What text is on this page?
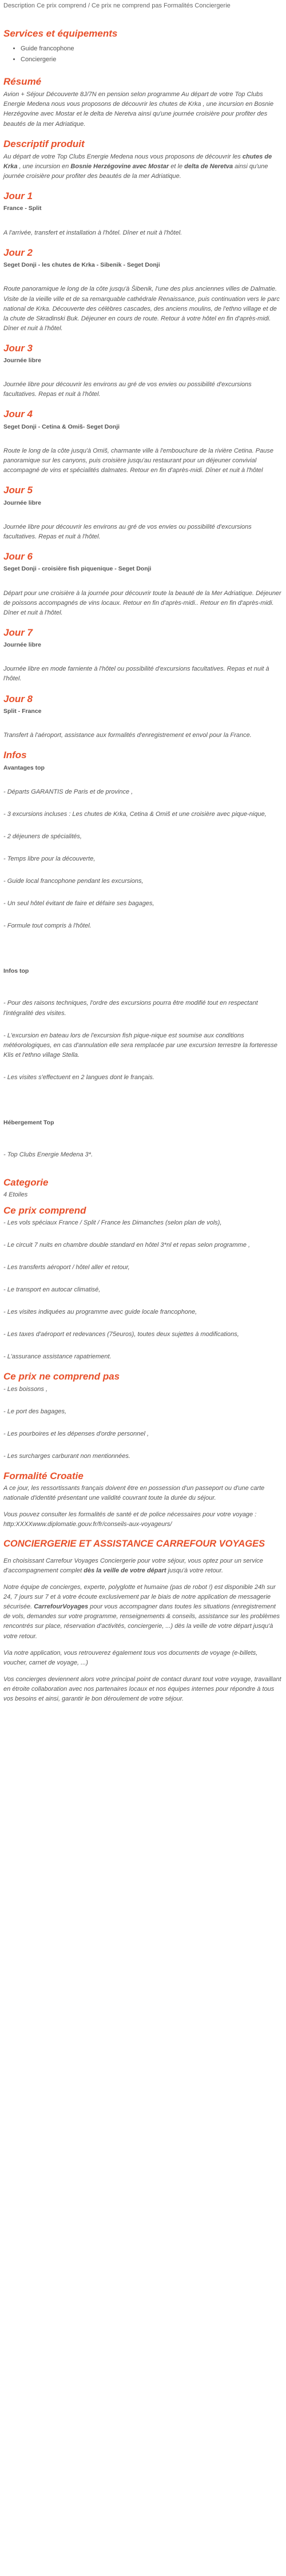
Description Ce prix comprend / Ce prix ne comprend pas Formalités Conciergerie
Services et équipements
• Guide francophone
• Conciergerie
Résumé

Avion + Séjour Découverte 8J/7N en pension selon programme Au départ de votre Top Clubs Energie Medena nous vous proposons de découvrir les chutes de Krka , une incursion en Bosnie Herzégovine avec Mostar et le delta de Neretva ainsi qu'une journée croisière pour profiter des beautés de la mer Adriatique.

Descriptif produit

Au départ de votre Top Clubs Energie Medena nous vous proposons de découvrir les chutes de Krka , une incursion en Bosnie Herzégovine avec Mostar et le delta de Neretva ainsi qu'une journée croisière pour profiter des beautés de la mer Adriatique.

Jour 1
France - Split

A l'arrivée, transfert et installation à l'hôtel. Dîner et nuit à l'hôtel.

Jour 2
Seget Donji - les chutes de Krka - Sibenik - Seget Donji

Route panoramique le long de la côte jusqu'à Šibenik, l'une des plus anciennes villes de Dalmatie. Visite de la vieille ville et de sa remarquable cathédrale Renaissance, puis continuation vers le parc national de Krka. Découverte des célèbres cascades, des anciens moulins, de l'ethno village et de la chute de Skradinski Buk. Déjeuner en cours de route. Retour à votre hôtel en fin d'après-midi. Dîner et nuit à l'hôtel.

Jour 3
Journée libre

Journée libre pour découvrir les environs au gré de vos envies ou possibilité d'excursions facultatives. Repas et nuit à l'hôtel.

Jour 4
Seget Donji - Cetina & Omiš- Seget Donji

Route le long de la côte jusqu'à Omiš, charmante ville à l'embouchure de la rivière Cetina. Pause panoramique sur les canyons, puis croisière jusqu'au restaurant pour un déjeuner convivial accompagné de vins et spécialités dalmates. Retour en fin d'après-midi. Dîner et nuit à l'hôtel

Jour 5
Journée libre

Journée libre pour découvrir les environs au gré de vos envies ou possibilité d'excursions facultatives. Repas et nuit à l'hôtel.

Jour 6
Seget Donji - croisière fish piquenique - Seget Donji

Départ pour une croisière à la journée pour découvrir toute la beauté de la Mer Adriatique. Déjeuner de poissons accompagnés de vins locaux. Retour en fin d'après-midi.. Retour en fin d'après-midi. Dîner et nuit à l'hôtel.

Jour 7
Journée libre

Journée libre en mode farniente à l'hôtel ou possibilité d'excursions facultatives. Repas et nuit à l'hôtel.

Jour 8
Split - France

Transfert à l'aéroport, assistance aux formalités d'enregistrement et envol pour la France.

Infos
Avantages top

- Départs GARANTIS de Paris et de province ,

- 3 excursions incluses : Les chutes de Krka, Cetina & Omiš et une croisière avec pique-nique,

- 2 déjeuners de spécialités,

- Temps libre pour la découverte,

- Guide local francophone pendant les excursions,

- Un seul hôtel évitant de faire et défaire ses bagages,

- Formule tout compris à l'hôtel.

Infos top

- Pour des raisons techniques, l'ordre des excursions pourra être modifié tout en respectant l'intégralité des visites.

- L'excursion en bateau lors de l'excursion fish pique-nique est soumise aux conditions météorologiques, en cas d'annulation elle sera remplacée par une excursion terrestre la forteresse Klis et l'ethno village Stella.

- Les visites s'effectuent en 2 langues dont le français.

Hébergement Top

- Top Clubs Energie Medena 3*.

Categorie

4 Etoiles

Ce prix comprend

- Les vols spéciaux France / Split / France les Dimanches (selon plan de vols),

- Le circuit 7 nuits en chambre double standard en hôtel 3*nl et repas selon programme ,

- Les transferts aéroport / hôtel aller et retour,

- Le transport en autocar climatisé,

- Les visites indiquées au programme avec guide locale francophone,

- Les taxes d'aéroport et redevances (75euros), toutes deux sujettes à modifications,

- L'assurance assistance rapatriement.

Ce prix ne comprend pas

- Les boissons ,

- Le port des bagages,

- Les pourboires et les dépenses d'ordre personnel ,

- Les surcharges carburant non mentionnées.

Formalité Croatie

A ce jour, les ressortissants français doivent être en possession d'un passeport ou d'une carte nationale d'identité présentant une validité couvrant toute la durée du séjour.

Vous pouvez consulter les formalités de santé et de police nécessaires pour votre voyage : http:XXXXwww.diplomatie.gouv.fr/fr/conseils-aux-voyageurs/

CONCIERGERIE ET ASSISTANCE CARREFOUR VOYAGES

En choisissant Carrefour Voyages Conciergerie pour votre séjour, vous optez pour un service d'accompagnement complet dès la veille de votre départ jusqu'à votre retour.

Notre équipe de concierges, experte, polyglotte et humaine (pas de robot !) est disponible 24h sur 24, 7 jours sur 7 et à votre écoute exclusivement par le biais de notre application de messagerie sécurisée. CarrefourVoyages pour vous accompagner dans toutes les situations (enregistrement de vols, demandes sur votre programme, renseignements & conseils, assistance sur les problèmes rencontrés sur place, réservation d'activités, conciergerie, ...) dès la veille de votre départ jusqu'à votre retour.

Via notre application, vous retrouverez également tous vos documents de voyage (e-billets, voucher, carnet de voyage, ...)

Vos concierges deviennent alors votre principal point de contact durant tout votre voyage, travaillant en étroite collaboration avec nos partenaires locaux et nos équipes internes pour répondre à tous vos besoins et ainsi, garantir le bon déroulement de votre séjour.
